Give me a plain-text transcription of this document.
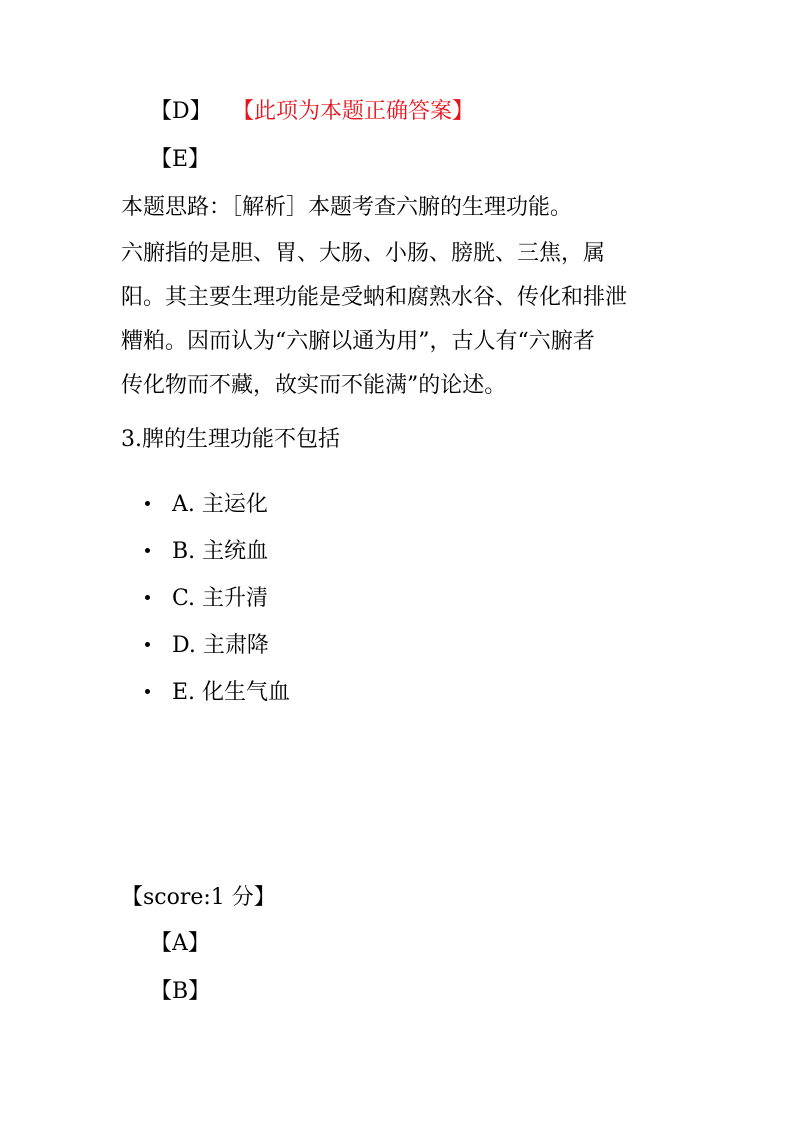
【D】 【此项为本题正确答案】
【E】
本题思路：［解析］本题考查六腑的生理功能。
六腑指的是胆、胃、大肠、小肠、膀胱、三焦，属
阳。其主要生理功能是受蚋和腐熟水谷、传化和排泄
糟粕。因而认为“六腑以通为用”，古人有“六腑者
传化物而不藏，故实而不能满”的论述。
3.脾的生理功能不包括
A. 主运化
B. 主统血
C. 主升清
D. 主肃降
E. 化生气血
【score:1 分】
【A】
【B】
